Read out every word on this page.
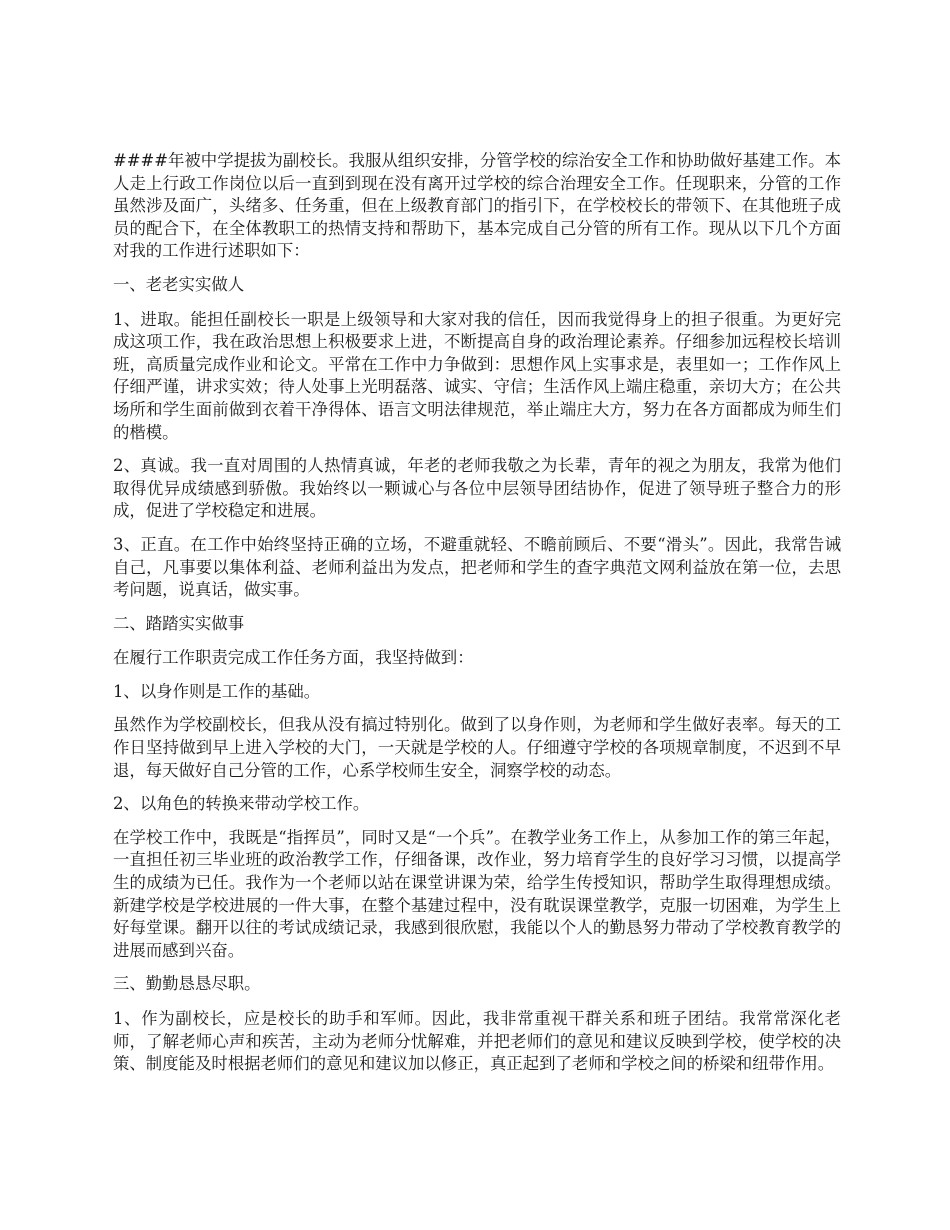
####年被中学提拔为副校长。我服从组织安排，分管学校的综治安全工作和协助做好基建工作。本人走上行政工作岗位以后一直到到现在没有离开过学校的综合治理安全工作。任现职来，分管的工作虽然涉及面广，头绪多、任务重，但在上级教育部门的指引下，在学校校长的带领下、在其他班子成员的配合下，在全体教职工的热情支持和帮助下，基本完成自己分管的所有工作。现从以下几个方面对我的工作进行述职如下：

一、老老实实做人

1、进取。能担任副校长一职是上级领导和大家对我的信任，因而我觉得身上的担子很重。为更好完成这项工作，我在政治思想上积极要求上进，不断提高自身的政治理论素养。仔细参加远程校长培训班，高质量完成作业和论文。平常在工作中力争做到：思想作风上实事求是，表里如一；工作作风上仔细严谨，讲求实效；待人处事上光明磊落、诚实、守信；生活作风上端庄稳重，亲切大方；在公共场所和学生面前做到衣着干净得体、语言文明法律规范，举止端庄大方，努力在各方面都成为师生们的楷模。

2、真诚。我一直对周围的人热情真诚，年老的老师我敬之为长辈，青年的视之为朋友，我常为他们取得优异成绩感到骄傲。我始终以一颗诚心与各位中层领导团结协作，促进了领导班子整合力的形成，促进了学校稳定和进展。

3、正直。在工作中始终坚持正确的立场，不避重就轻、不瞻前顾后、不要“滑头”。因此，我常告诫自己，凡事要以集体利益、老师利益出为发点，把老师和学生的查字典范文网利益放在第一位，去思考问题，说真话，做实事。

二、踏踏实实做事

在履行工作职责完成工作任务方面，我坚持做到：

1、以身作则是工作的基础。

虽然作为学校副校长，但我从没有搞过特别化。做到了以身作则，为老师和学生做好表率。每天的工作日坚持做到早上进入学校的大门，一天就是学校的人。仔细遵守学校的各项规章制度，不迟到不早退，每天做好自己分管的工作，心系学校师生安全，洞察学校的动态。

2、以角色的转换来带动学校工作。

在学校工作中，我既是“指挥员”，同时又是“一个兵”。在教学业务工作上，从参加工作的第三年起，一直担任初三毕业班的政治教学工作，仔细备课，改作业，努力培育学生的良好学习习惯，以提高学生的成绩为已任。我作为一个老师以站在课堂讲课为荣，给学生传授知识，帮助学生取得理想成绩。新建学校是学校进展的一件大事，在整个基建过程中，没有耽误课堂教学，克服一切困难，为学生上好每堂课。翻开以往的考试成绩记录，我感到很欣慰，我能以个人的勤恳努力带动了学校教育教学的进展而感到兴奋。

三、勤勤恳恳尽职。

1、作为副校长，应是校长的助手和军师。因此，我非常重视干群关系和班子团结。我常常深化老师，了解老师心声和疾苦，主动为老师分忧解难，并把老师们的意见和建议反映到学校，使学校的决策、制度能及时根据老师们的意见和建议加以修正，真正起到了老师和学校之间的桥梁和纽带作用。
